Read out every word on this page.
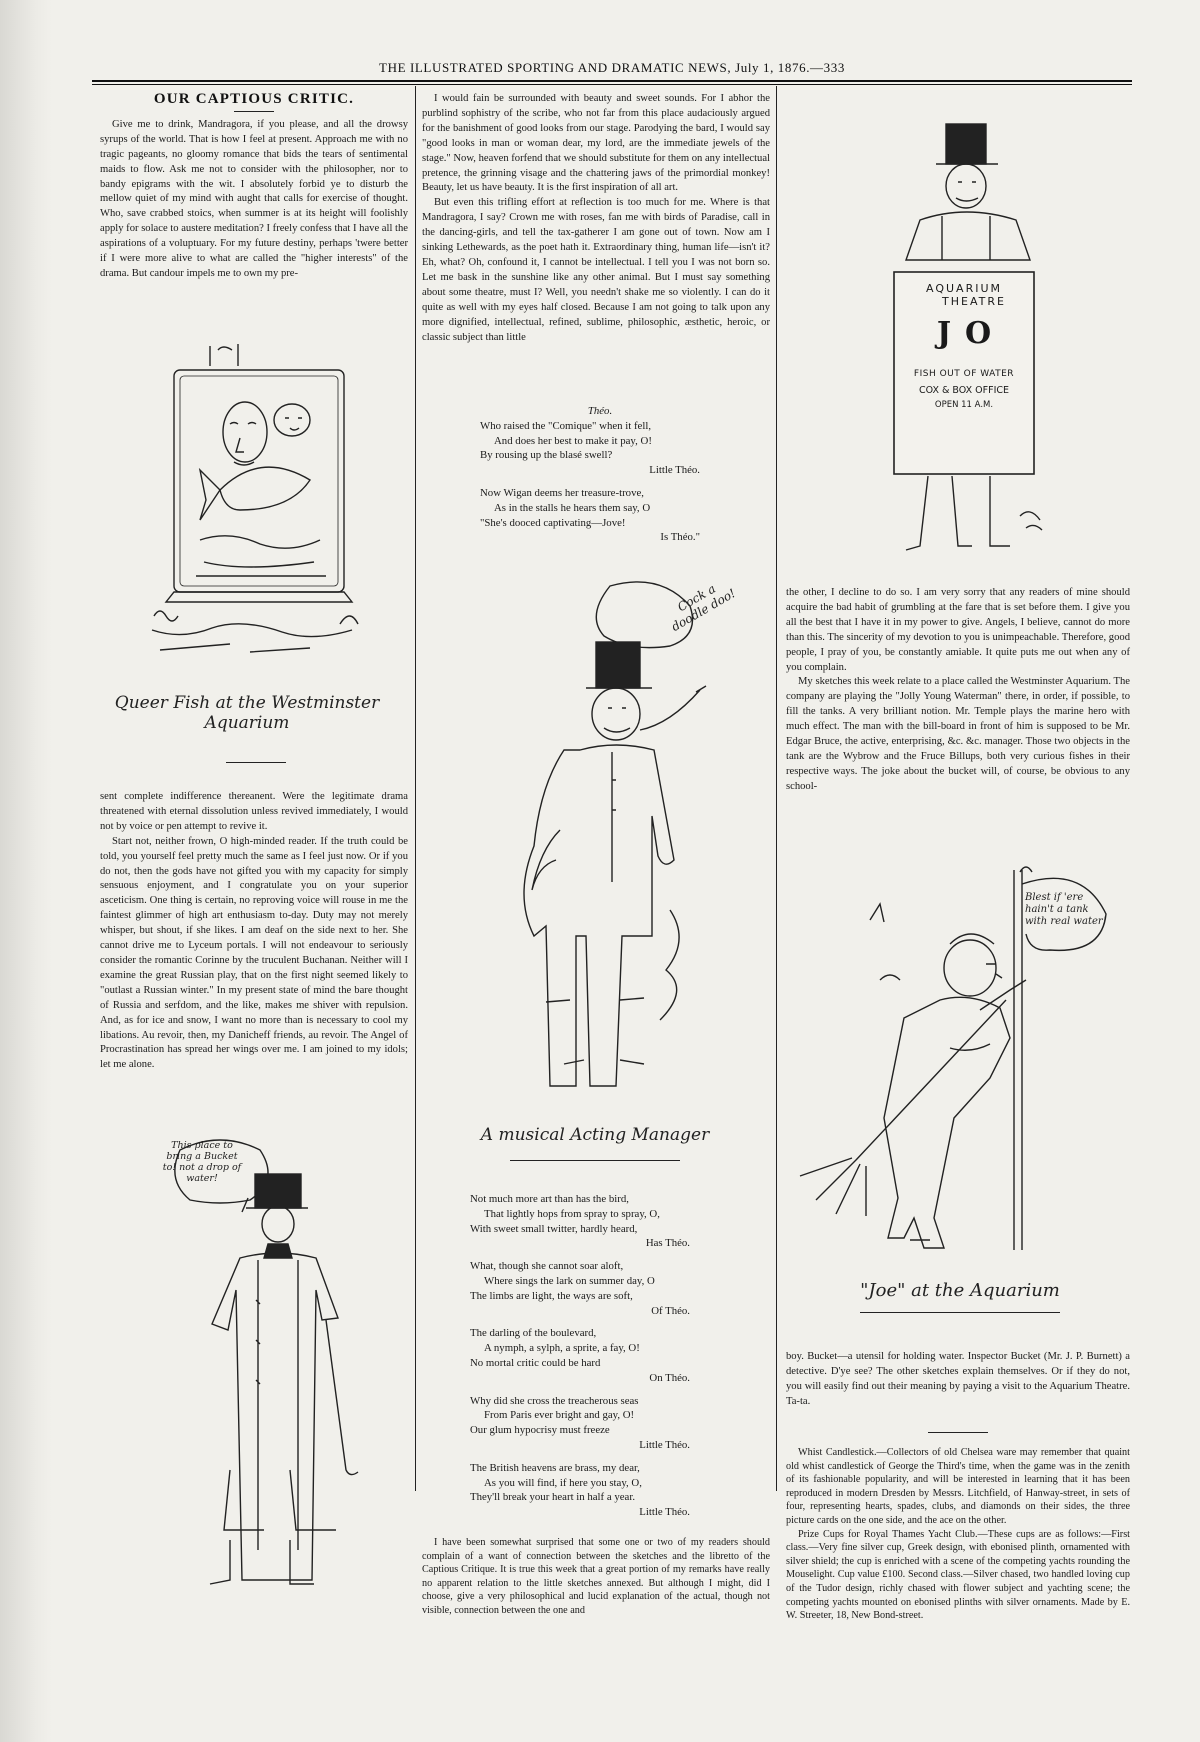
THE ILLUSTRATED SPORTING AND DRAMATIC NEWS, July 1, 1876.—333
OUR CAPTIOUS CRITIC.

Give me to drink, Mandragora, if you please, and all the drowsy syrups of the world. That is how I feel at present. Approach me with no tragic pageants, no gloomy romance that bids the tears of sentimental maids to flow. Ask me not to consider with the philosopher, nor to bandy epigrams with the wit. I absolutely forbid ye to disturb the mellow quiet of my mind with aught that calls for exercise of thought. Who, save crabbed stoics, when summer is at its height will foolishly apply for solace to austere meditation? I freely confess that I have all the aspirations of a voluptuary. For my future destiny, perhaps 'twere better if I were more alive to what are called the "higher interests" of the drama. But candour impels me to own my pre-

Queer Fish at the Westminster Aquarium

sent complete indifference thereanent. Were the legitimate drama threatened with eternal dissolution unless revived immediately, I would not by voice or pen attempt to revive it.

Start not, neither frown, O high-minded reader. If the truth could be told, you yourself feel pretty much the same as I feel just now. Or if you do not, then the gods have not gifted you with my capacity for simply sensuous enjoyment, and I congratulate you on your superior asceticism. One thing is certain, no reproving voice will rouse in me the faintest glimmer of high art enthusiasm to-day. Duty may not merely whisper, but shout, if she likes. I am deaf on the side next to her. She cannot drive me to Lyceum portals. I will not endeavour to seriously consider the romantic Corinne by the truculent Buchanan. Neither will I examine the great Russian play, that on the first night seemed likely to "outlast a Russian winter." In my present state of mind the bare thought of Russia and serfdom, and the like, makes me shiver with repulsion. And, as for ice and snow, I want no more than is necessary to cool my libations. Au revoir, then, my Danicheff friends, au revoir. The Angel of Procrastination has spread her wings over me. I am joined to my idols; let me alone.

This place to bring a Bucket to! not a drop of water!

I would fain be surrounded with beauty and sweet sounds. For I abhor the purblind sophistry of the scribe, who not far from this place audaciously argued for the banishment of good looks from our stage. Parodying the bard, I would say "good looks in man or woman dear, my lord, are the immediate jewels of the stage." Now, heaven forfend that we should substitute for them on any intellectual pretence, the grinning visage and the chattering jaws of the primordial monkey! Beauty, let us have beauty. It is the first inspiration of all art.

But even this trifling effort at reflection is too much for me. Where is that Mandragora, I say? Crown me with roses, fan me with birds of Paradise, call in the dancing-girls, and tell the tax-gatherer I am gone out of town. Now am I sinking Lethewards, as the poet hath it. Extraordinary thing, human life—isn't it? Eh, what? Oh, confound it, I cannot be intellectual. I tell you I was not born so. Let me bask in the sunshine like any other animal. But I must say something about some theatre, must I? Well, you needn't shake me so violently. I can do it quite as well with my eyes half closed. Because I am not going to talk upon any more dignified, intellectual, refined, sublime, philosophic, æsthetic, heroic, or classic subject than little

Théo.
Who raised the "Comique" when it fell,
And does her best to make it pay, O!
By rousing up the blasé swell?
Little Théo.
Now Wigan deems her treasure-trove,
As in the stalls he hears them say, O
"She's dooced captivating—Jove!
Is Théo."
Cock a doodle doo!
A musical Acting Manager
Not much more art than has the bird,
That lightly hops from spray to spray, O,
With sweet small twitter, hardly heard,
Has Théo.
What, though she cannot soar aloft,
Where sings the lark on summer day, O
The limbs are light, the ways are soft,
Of Théo.
The darling of the boulevard,
A nymph, a sylph, a sprite, a fay, O!
No mortal critic could be hard
On Théo.
Why did she cross the treacherous seas
From Paris ever bright and gay, O!
Our glum hypocrisy must freeze
Little Théo.
The British heavens are brass, my dear,
As you will find, if here you stay, O,
They'll break your heart in half a year.
Little Théo.

I have been somewhat surprised that some one or two of my readers should complain of a want of connection between the sketches and the libretto of the Captious Critique. It is true this week that a great portion of my remarks have really no apparent relation to the little sketches annexed. But although I might, did I choose, give a very philosophical and lucid explanation of the actual, though not visible, connection between the one and

AQUARIUM
THEATRE
JO
FISH OUT OF WATER
COX & BOX OFFICE
OPEN 11 A.M.

the other, I decline to do so. I am very sorry that any readers of mine should acquire the bad habit of grumbling at the fare that is set before them. I give you all the best that I have it in my power to give. Angels, I believe, cannot do more than this. The sincerity of my devotion to you is unimpeachable. Therefore, good people, I pray of you, be constantly amiable. It quite puts me out when any of you complain.

My sketches this week relate to a place called the Westminster Aquarium. The company are playing the "Jolly Young Waterman" there, in order, if possible, to fill the tanks. A very brilliant notion. Mr. Temple plays the marine hero with much effect. The man with the bill-board in front of him is supposed to be Mr. Edgar Bruce, the active, enterprising, &c. &c. manager. Those two objects in the tank are the Wybrow and the Fruce Billups, both very curious fishes in their respective ways. The joke about the bucket will, of course, be obvious to any school-

Blest if 'ere hain't a tank with real water!
"Joe" at the Aquarium

boy. Bucket—a utensil for holding water. Inspector Bucket (Mr. J. P. Burnett) a detective. D'ye see? The other sketches explain themselves. Or if they do not, you will easily find out their meaning by paying a visit to the Aquarium Theatre. Ta-ta.

Whist Candlestick.—Collectors of old Chelsea ware may remember that quaint old whist candlestick of George the Third's time, when the game was in the zenith of its fashionable popularity, and will be interested in learning that it has been reproduced in modern Dresden by Messrs. Litchfield, of Hanway-street, in sets of four, representing hearts, spades, clubs, and diamonds on their sides, the three picture cards on the one side, and the ace on the other.

Prize Cups for Royal Thames Yacht Club.—These cups are as follows:—First class.—Very fine silver cup, Greek design, with ebonised plinth, ornamented with silver shield; the cup is enriched with a scene of the competing yachts rounding the Mouselight. Cup value £100. Second class.—Silver chased, two handled loving cup of the Tudor design, richly chased with flower subject and yachting scene; the competing yachts mounted on ebonised plinths with silver ornaments. Made by E. W. Streeter, 18, New Bond-street.
